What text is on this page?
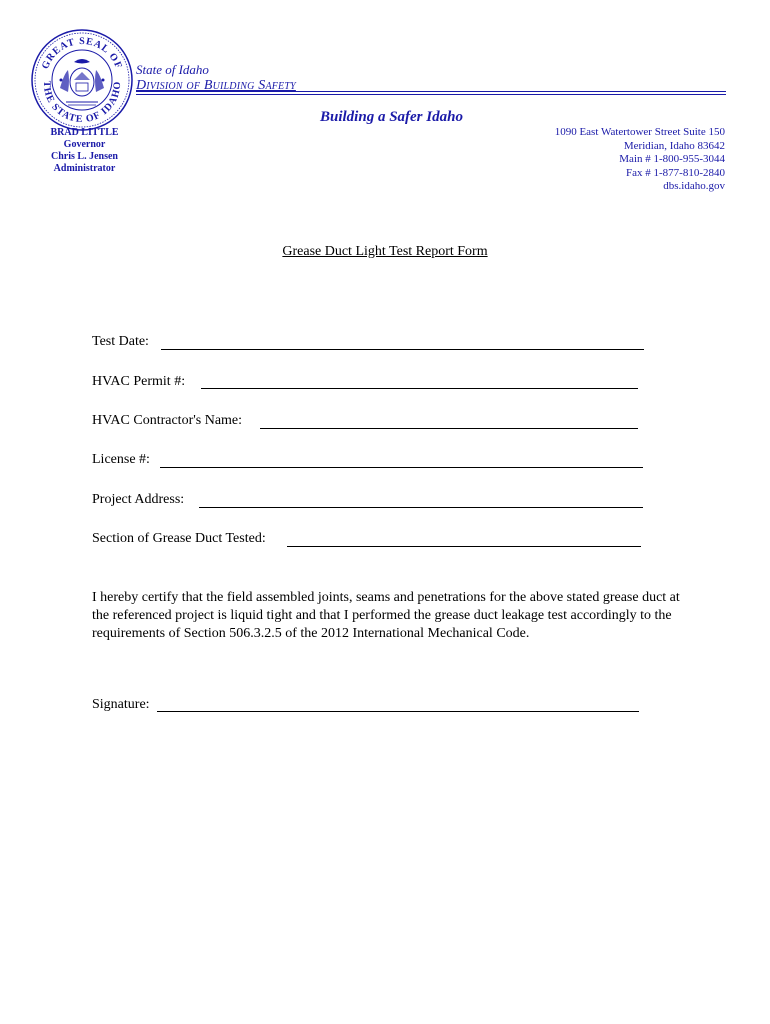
GREAT SEAL OF
THE STATE OF IDAHO
State of Idaho
Division of Building Safety
Building a Safer Idaho
BRAD LITTLE
Governor
Chris L. Jensen
Administrator
1090 East Watertower Street Suite 150
Meridian, Idaho 83642
Main # 1-800-955-3044
Fax # 1-877-810-2840
dbs.idaho.gov
Grease Duct Light Test Report Form
Test Date:
HVAC Permit #:
HVAC Contractor's Name:
License #:
Project Address:
Section of Grease Duct Tested:
I hereby certify that the field assembled joints, seams and penetrations for the above stated grease duct at the referenced project is liquid tight and that I performed the grease duct leakage test accordingly to the requirements of Section 506.3.2.5 of the 2012 International Mechanical Code.
Signature:
